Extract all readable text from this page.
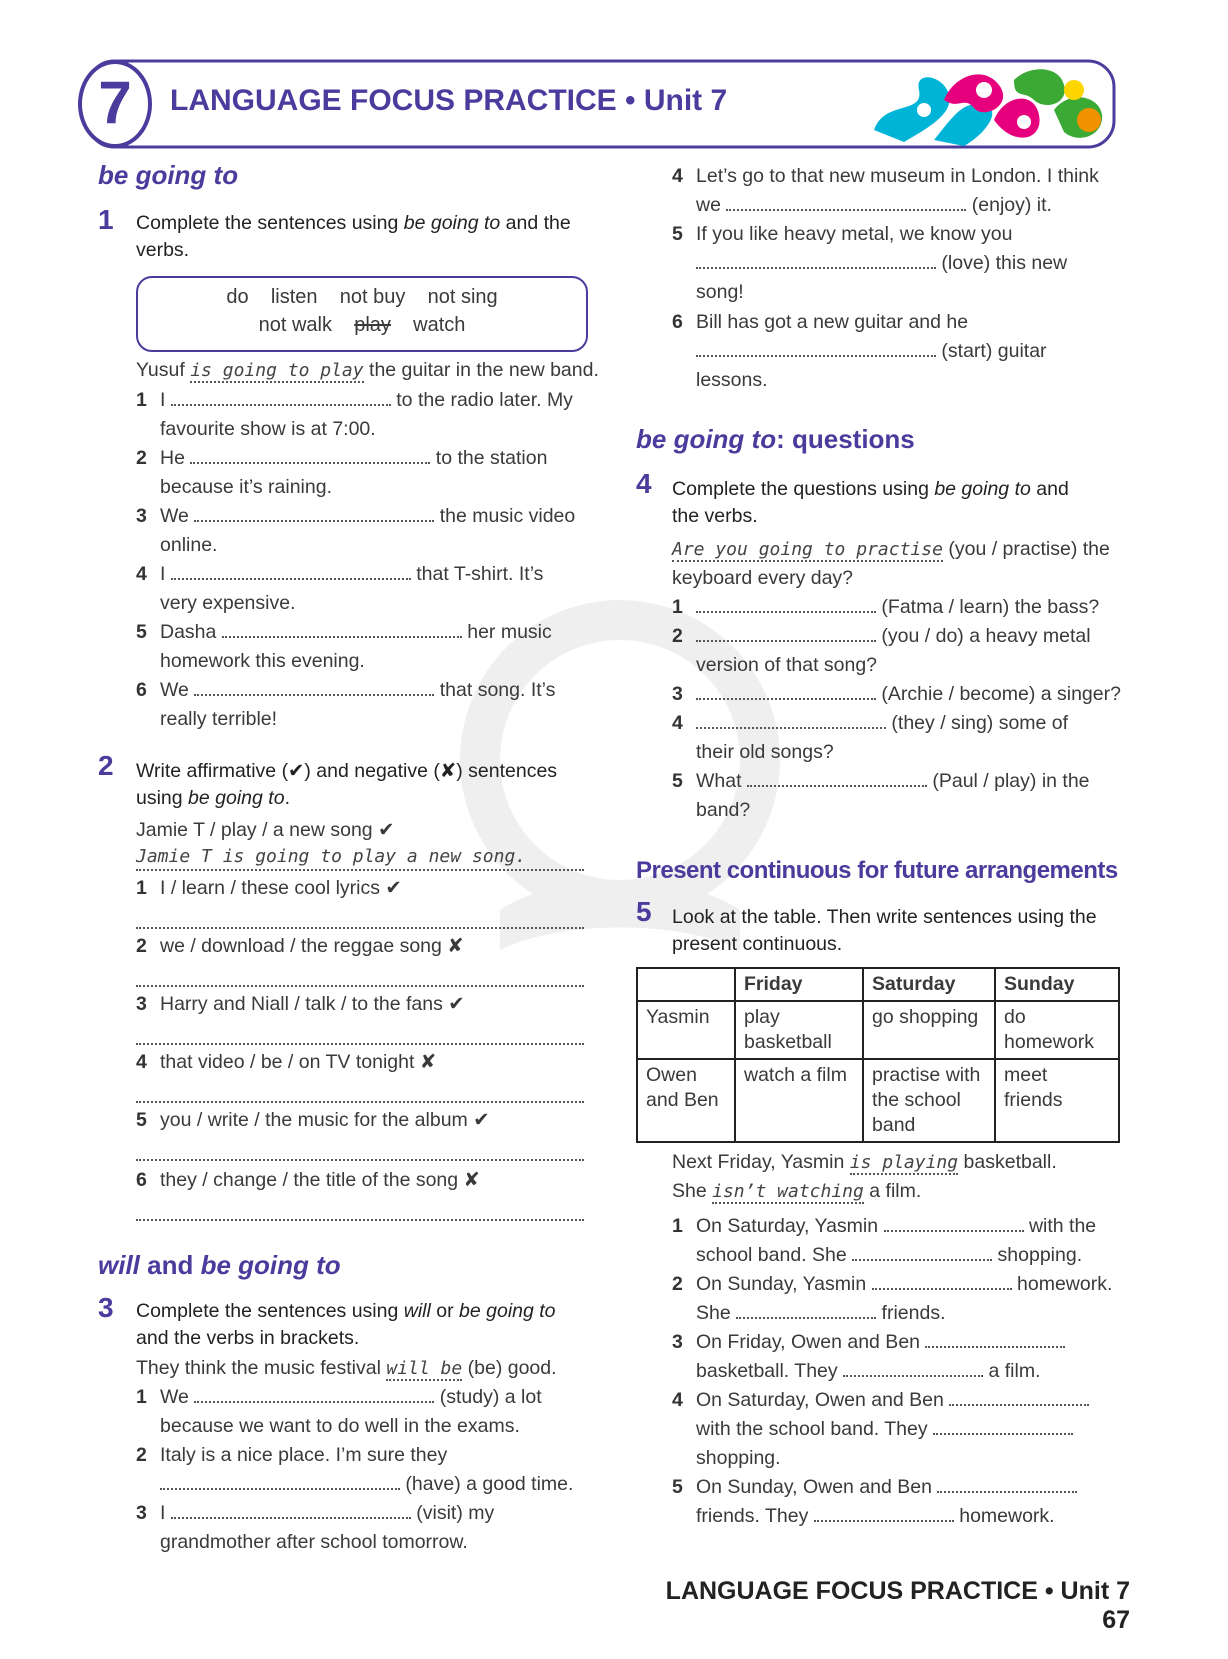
7	LANGUAGE FOCUS PRACTICE • Unit 7
be going to
1 Complete the sentences using be going to and the verbs.
do    listen    not buy    not sing
not walk play watch
Yusuf is going to play the guitar in the new band.
1 I	to the radio later. My
favourite show is at 7:00.
2 He	to the station
because it’s raining.
3 We	the music video
online.
4 I	that T-shirt. It’s
very expensive.
5 Dasha	her music
homework this evening.
6 We	that song. It’s
really terrible!
2 Write affirmative (✔) and negative (✘) sentences
using be going to.
Jamie T / play / a new song ✔
Jamie T is going to play a new song.
1 I / learn / these cool lyrics ✔
2 we / download / the reggae song ✘
3 Harry and Niall / talk / to the fans ✔
4 that video / be / on TV tonight ✘
5 you / write / the music for the album ✔
6 they / change / the title of the song ✘
will and be going to
3 Complete the sentences using will or be going to
and the verbs in brackets.
They think the music festival will be (be) good.
1 We	(study) a lot
because we want to do well in the exams.
2 Italy is a nice place. I’m sure they
(have) a good time.
3 I	(visit) my
grandmother after school tomorrow.
4 Let’s go to that new museum in London. I think
we	(enjoy) it.
5 If you like heavy metal, we know you
(love) this new
song!
6 Bill has got a new guitar and he
(start) guitar
lessons.
be going to: questions
4 Complete the questions using be going to and
the verbs.
Are you going to practise (you / practise) the
keyboard every day?
1	(Fatma / learn) the bass?
2	(you / do) a heavy metal
version of that song?
3	(Archie / become) a singer?
4	(they / sing) some of
their old songs?
5 What	(Paul / play) in the
band?
Present continuous for future arrangements
5 Look at the table. Then write sentences using the
present continuous.
	Friday	Saturday	Sunday
Yasmin	play basketball	go shopping	do homework
Owen and Ben	watch a film	practise with the school band	meet friends
Next Friday, Yasmin is playing basketball.
She isn’t watching a film.
1 On Saturday, Yasmin	with the
school band. She	shopping.
2 On Sunday, Yasmin	homework.
She	friends.
3 On Friday, Owen and Ben
basketball. They	a film.
4 On Saturday, Owen and Ben
with the school band. They
shopping.
5 On Sunday, Owen and Ben
friends. They	homework.
LANGUAGE FOCUS PRACTICE • Unit 7 67
